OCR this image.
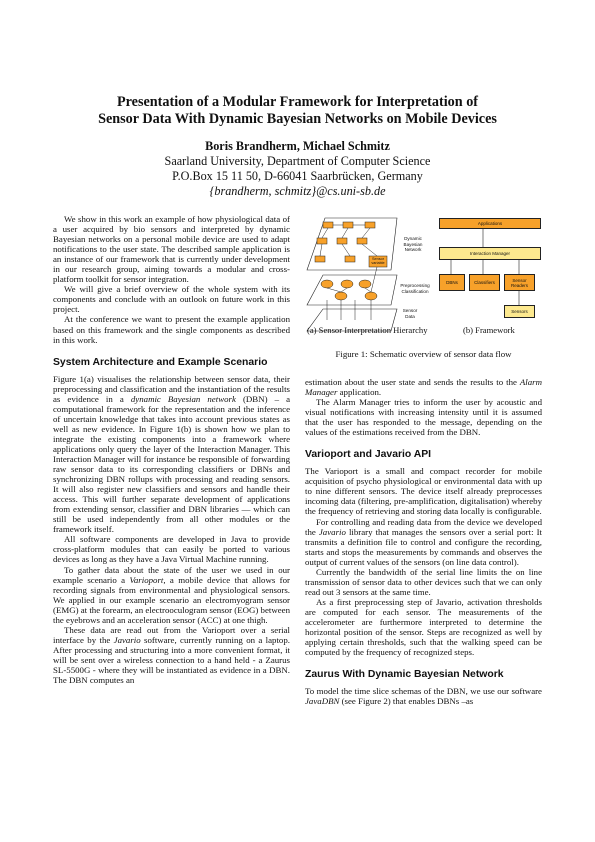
Presentation of a Modular Framework for Interpretation of
Sensor Data With Dynamic Bayesian Networks on Mobile Devices
Boris Brandherm, Michael Schmitz
Saarland University, Department of Computer Science
P.O.Box 15 11 50, D-66041 Saarbrücken, Germany
{brandherm, schmitz}@cs.uni-sb.de

We show in this work an example of how physiological data of a user acquired by bio sensors and interpreted by dynamic Bayesian networks on a personal mobile device are used to adapt notifications to the user state. The described sample application is an instance of our framework that is currently under development in our research group, aiming towards a modular and cross-platform toolkit for sensor integration.

We will give a brief overview of the whole system with its components and conclude with an outlook on future work in this project.

At the conference we want to present the example application based on this framework and the single components as described in this work.

System Architecture and Example Scenario

Figure 1(a) visualises the relationship between sensor data, their preprocessing and classification and the instantiation of the results as evidence in a dynamic Bayesian network (DBN) – a computational framework for the representation and the inference of uncertain knowledge that takes into account previous states as well as new evidence. In Figure 1(b) is shown how we plan to integrate the existing components into a framework where applications only query the layer of the Interaction Manager. This Interaction Manager will for instance be responsible of forwarding raw sensor data to its corresponding classifiers or DBNs and synchronizing DBN rollups with processing and reading sensors. It will also register new classifiers and sensors and handle their access. This will further separate development of applications from extending sensor, classifier and DBN libraries — which can still be used independently from all other modules or the framework itself.

All software components are developed in Java to provide cross-platform modules that can easily be ported to various devices as long as they have a Java Virtual Machine running.

To gather data about the state of the user we used in our example scenario a Varioport, a mobile device that allows for recording signals from environmental and physiological sensors. We applied in our example scenario an electromyogram sensor (EMG) at the forearm, an electrooculogram sensor (EOG) between the eyebrows and an acceleration sensor (ACC) at one thigh.

These data are read out from the Varioport over a serial interface by the Javario software, currently running on a laptop. After processing and structuring into a more convenient format, it will be sent over a wireless connection to a hand held - a Zaurus SL-5500G - where they will be instantiated as evidence in a DBN. The DBN computes an

Dynamic
Bayesian
Network
Sensor
variable
Preprocessing
Classification
Sensor
Data
Applications
Interaction Manager
DBNs	Classifiers	Sensor
Readers
Sensors
(a) Sensor Interpretation Hierarchy	(b) Framework
Figure 1: Schematic overview of sensor data flow

estimation about the user state and sends the results to the Alarm Manager application.

The Alarm Manager tries to inform the user by acoustic and visual notifications with increasing intensity until it is assumed that the user has responded to the message, depending on the values of the estimations received from the DBN.

Varioport and Javario API

The Varioport is a small and compact recorder for mobile acquisition of psycho physiological or environmental data with up to nine different sensors. The device itself already preprocesses incoming data (filtering, pre-amplification, digitalisation) whereby the frequency of retrieving and storing data locally is configurable.

For controlling and reading data from the device we developed the Javario library that manages the sensors over a serial port: It transmits a definition file to control and configure the recording, starts and stops the measurements by commands and observes the output of current values of the sensors (on line data control).

Currently the bandwidth of the serial line limits the on line transmission of sensor data to other devices such that we can only read out 3 sensors at the same time.

As a first preprocessing step of Javario, activation thresholds are computed for each sensor. The measurements of the accelerometer are furthermore interpreted to determine the horizontal position of the sensor. Steps are recognized as well by applying certain thresholds, such that the walking speed can be computed by the frequency of recognized steps.

Zaurus With Dynamic Bayesian Network

To model the time slice schemas of the DBN, we use our software JavaDBN (see Figure 2) that enables DBNs –as
